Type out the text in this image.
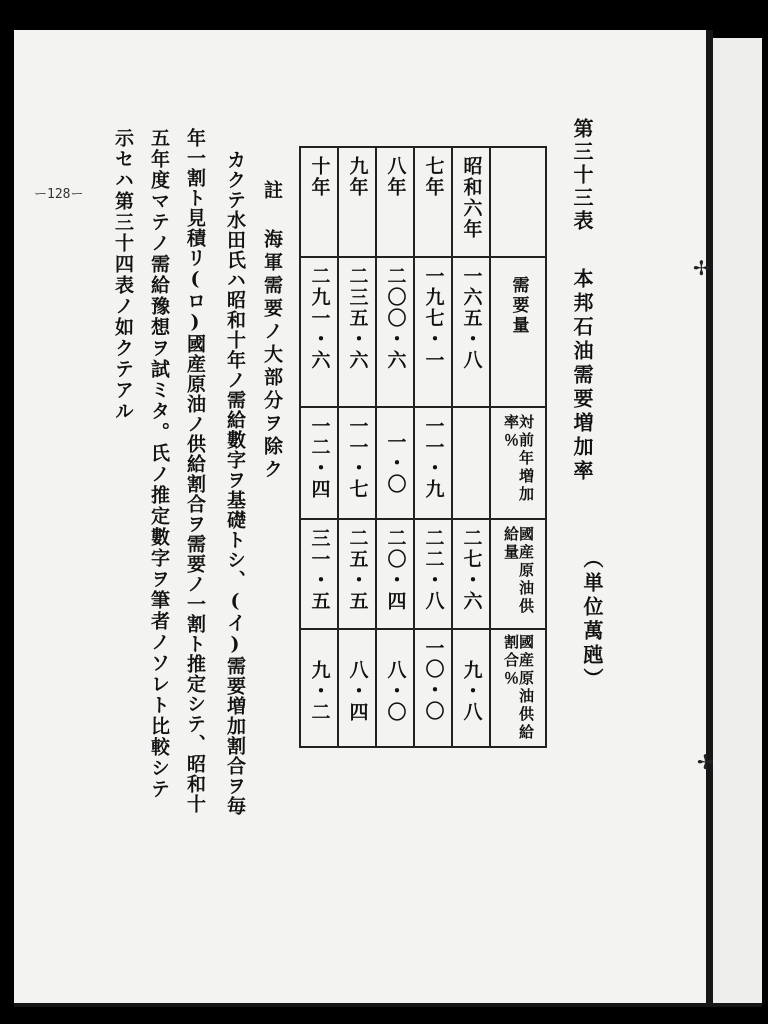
✢
✢
第三十三表
本邦石油需要増加率
（単位萬瓲）
十年	九年	八年	七年	昭和六年	

二九一・六	二三五・六	二〇〇・六	一九七・一	一六五・八	需要量

一二・四	一一・七	一・〇	一一・九		対前年増加率％

三一・五	二五・五	二〇・四	二二・八	二七・六	國産原油供給量

九・二	八・四	八・〇	一〇・〇	九・八	國産原油供給割合％
註 海軍需要ノ大部分ヲ除ク
カクテ水田氏ハ昭和十年ノ需給數字ヲ基礎トシ、(イ)需要増加割合ヲ毎
年一割ト見積リ(ロ)國産原油ノ供給割合ヲ需要ノ一割ト推定シテ、昭和十
五年度マテノ需給豫想ヲ試ミタ。氏ノ推定數字ヲ筆者ノソレト比較シテ
示セハ第三十四表ノ如クテアル
ー128ー
